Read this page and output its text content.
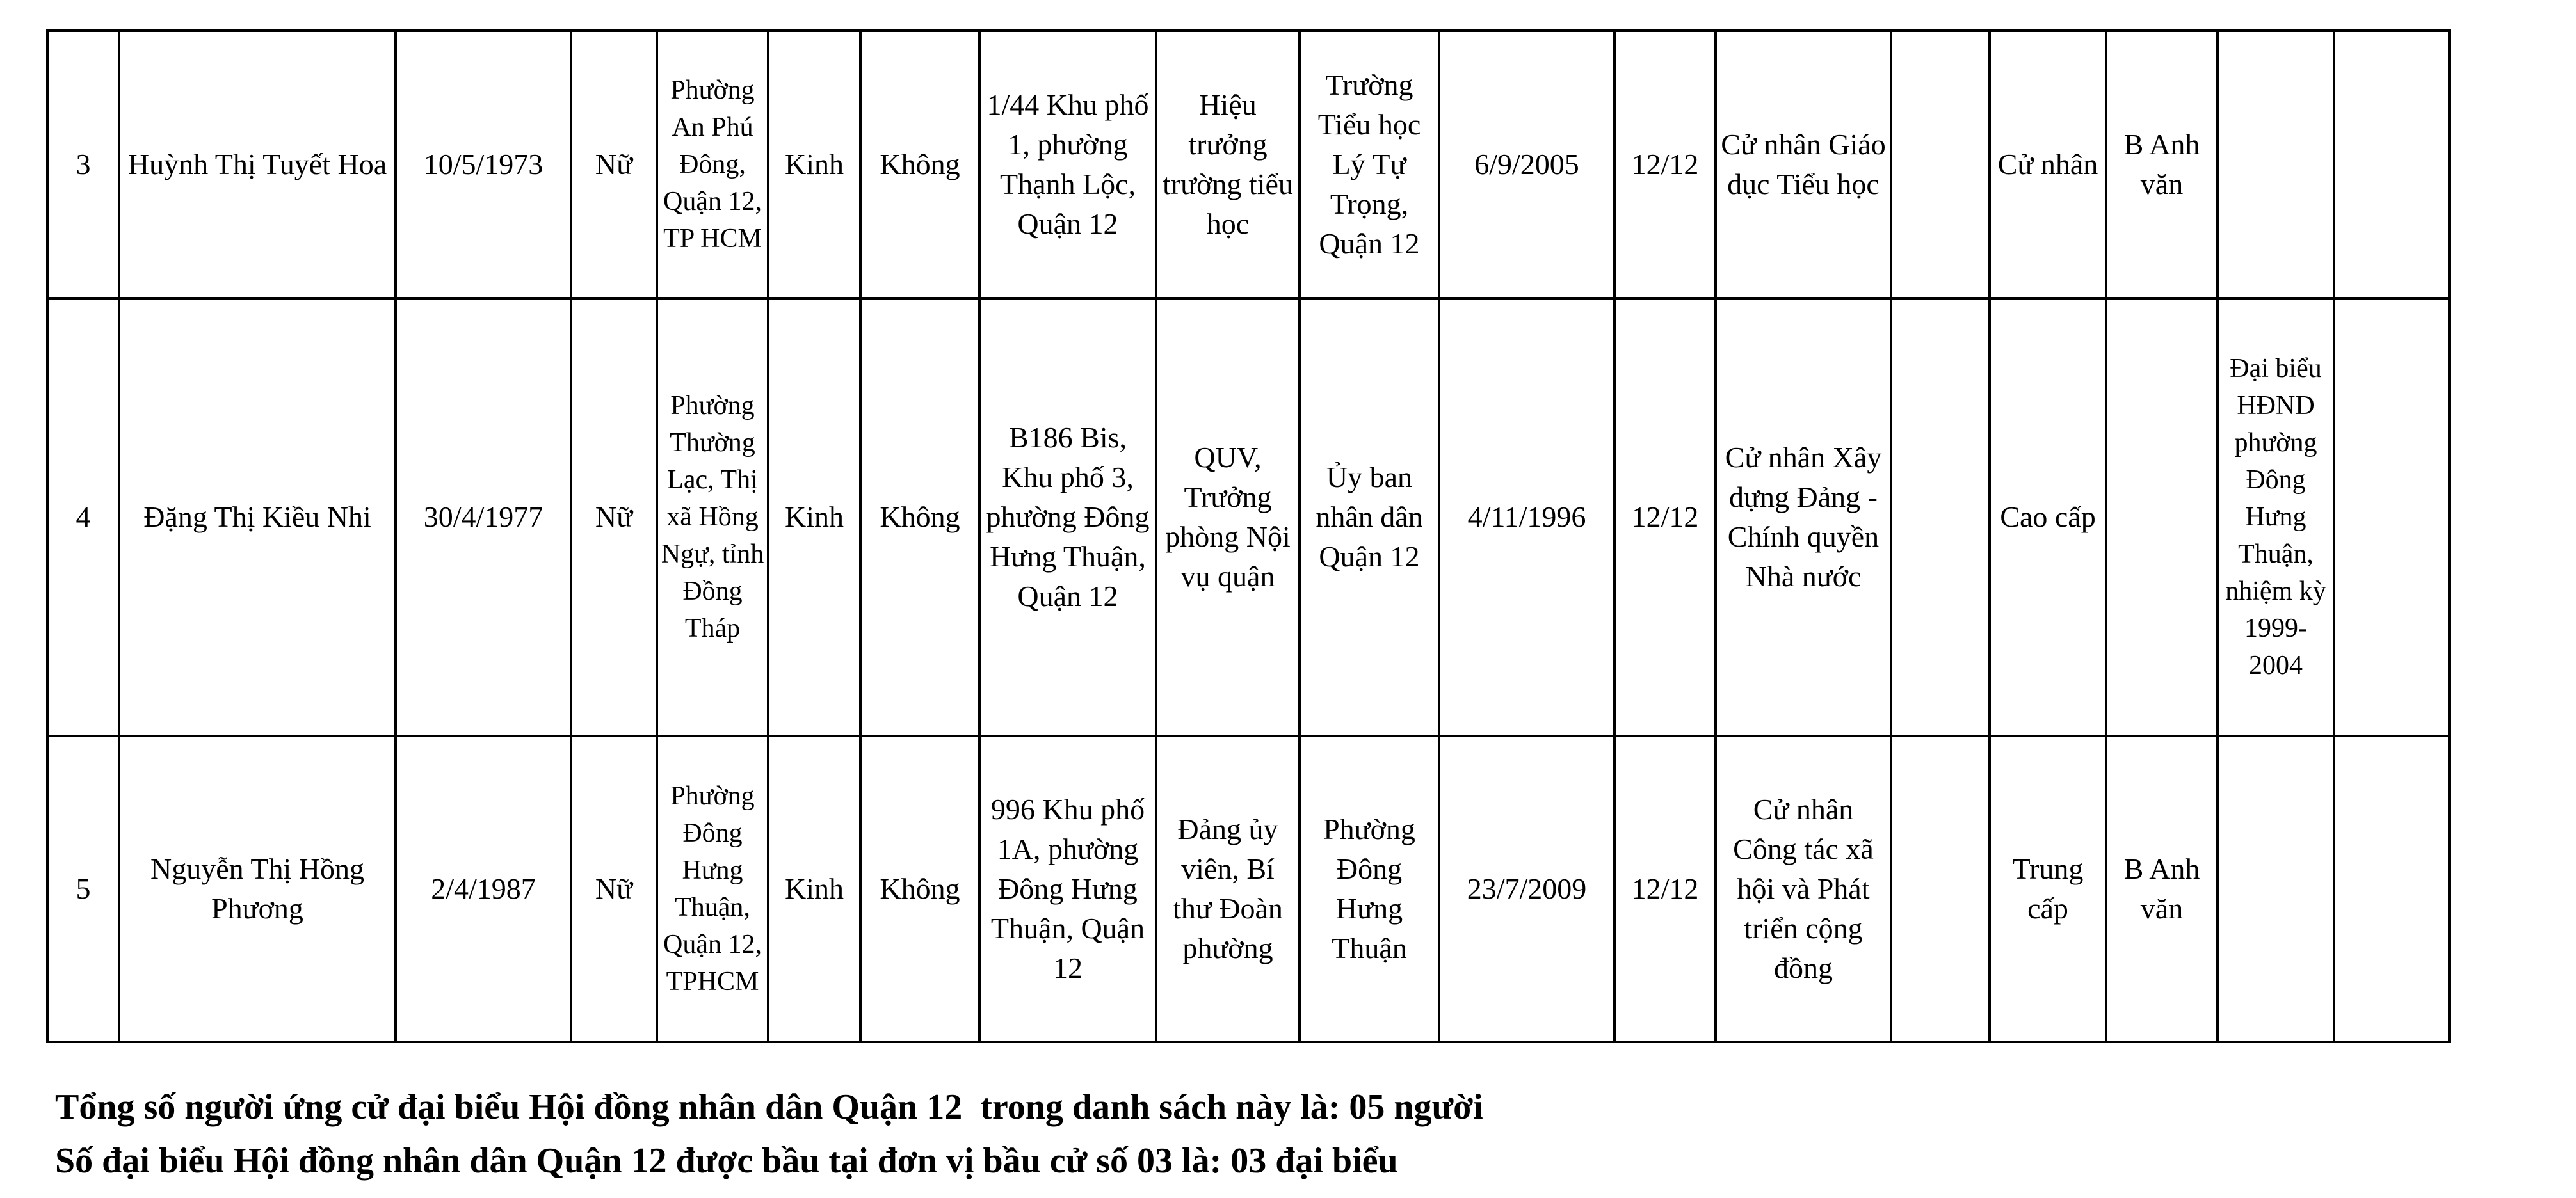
3	Huỳnh Thị Tuyết Hoa	10/5/1973	Nữ	Phường An Phú Đông, Quận 12, TP HCM	Kinh	Không	1/44 Khu phố 1, phường Thạnh Lộc, Quận 12	Hiệu trưởng trường tiểu học	Trường Tiểu học Lý Tự Trọng, Quận 12	6/9/2005	12/12	Cử nhân Giáo dục Tiểu học		Cử nhân	B Anh văn		
4	Đặng Thị Kiều Nhi	30/4/1977	Nữ	Phường Thường Lạc, Thị xã Hồng Ngự, tỉnh Đồng Tháp	Kinh	Không	B186 Bis, Khu phố 3, phường Đông Hưng Thuận, Quận 12	QUV, Trưởng phòng Nội vụ quận	Ủy ban nhân dân Quận 12	4/11/1996	12/12	Cử nhân Xây dựng Đảng - Chính quyền Nhà nước		Cao cấp		Đại biểu HĐND phường Đông Hưng Thuận, nhiệm kỳ 1999-2004	
5	Nguyễn Thị Hồng Phương	2/4/1987	Nữ	Phường Đông Hưng Thuận, Quận 12, TPHCM	Kinh	Không	996 Khu phố 1A, phường Đông Hưng Thuận, Quận 12	Đảng ủy viên, Bí thư Đoàn phường	Phường Đông Hưng Thuận	23/7/2009	12/12	Cử nhân Công tác xã hội và Phát triển cộng đồng		Trung cấp	B Anh văn		
Tổng số người ứng cử đại biểu Hội đồng nhân dân Quận 12  trong danh sách này là: 05 người
Số đại biểu Hội đồng nhân dân Quận 12 được bầu tại đơn vị bầu cử số 03 là: 03 đại biểu
